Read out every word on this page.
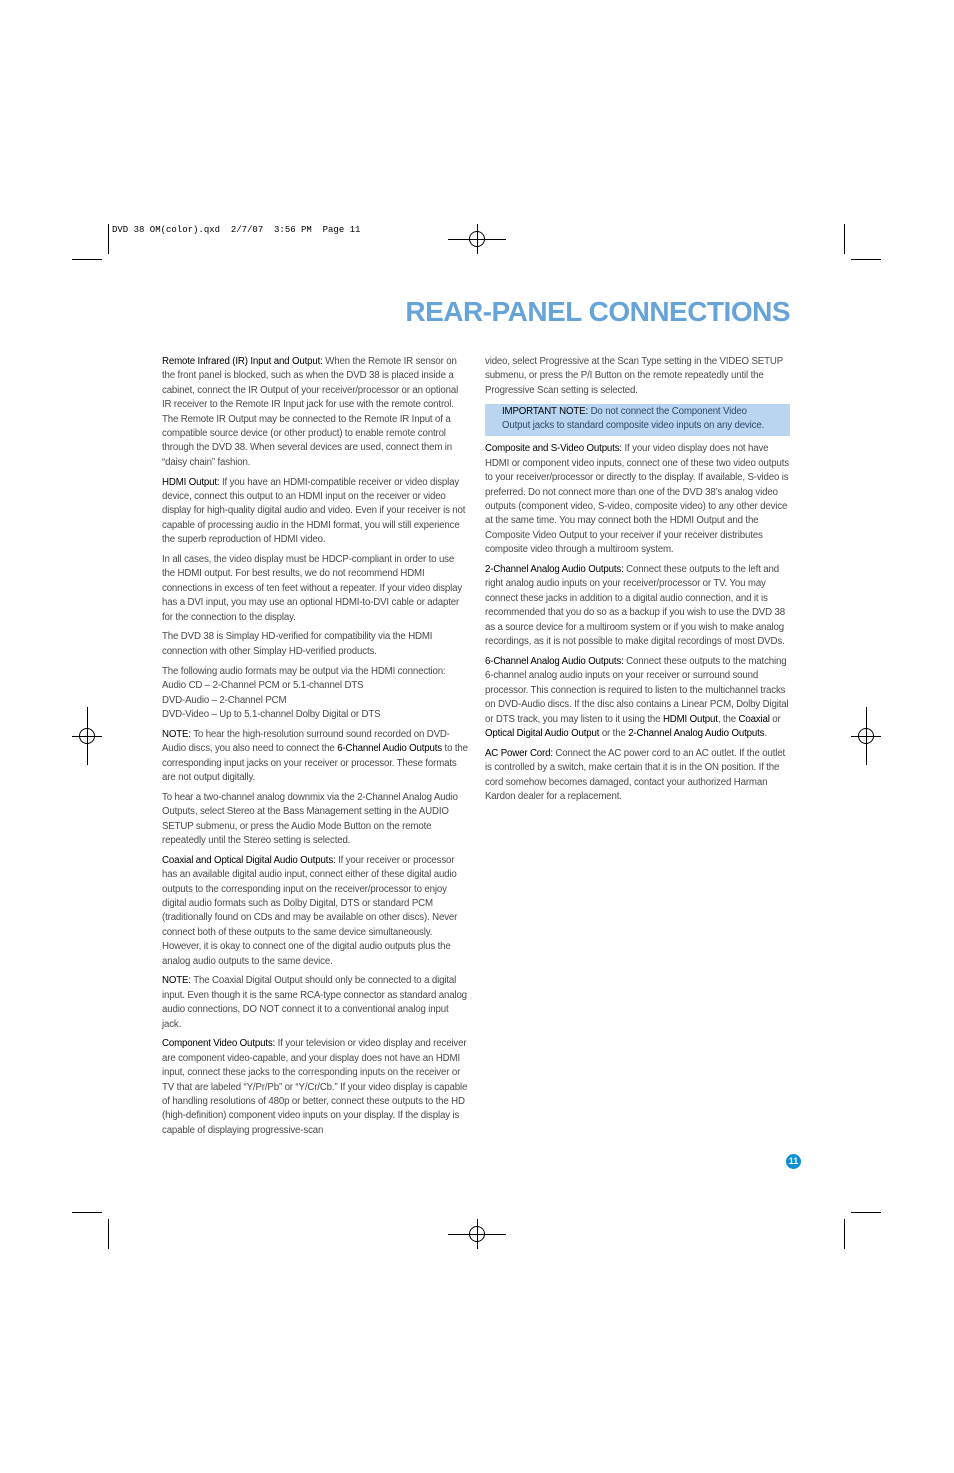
DVD 38 OM(color).qxd  2/7/07  3:56 PM  Page 11
REAR-PANEL CONNECTIONS

Remote Infrared (IR) Input and Output: When the Remote IR sensor on the front panel is blocked, such as when the DVD 38 is placed inside a cabinet, connect the IR Output of your receiver/processor or an optional IR receiver to the Remote IR Input jack for use with the remote control. The Remote IR Output may be connected to the Remote IR Input of a compatible source device (or other product) to enable remote control through the DVD 38. When several devices are used, connect them in “daisy chain” fashion.

HDMI Output: If you have an HDMI-compatible receiver or video display device, connect this output to an HDMI input on the receiver or video display for high-quality digital audio and video. Even if your receiver is not capable of processing audio in the HDMI format, you will still experience the superb reproduction of HDMI video.

In all cases, the video display must be HDCP-compliant in order to use the HDMI output. For best results, we do not recommend HDMI connections in excess of ten feet without a repeater. If your video display has a DVI input, you may use an optional HDMI-to-DVI cable or adapter for the connection to the display.

The DVD 38 is Simplay HD-verified for compatibility via the HDMI connection with other Simplay HD-verified products.

The following audio formats may be output via the HDMI connection:
Audio CD – 2-Channel PCM or 5.1-channel DTS
DVD-Audio – 2-Channel PCM
DVD-Video – Up to 5.1-channel Dolby Digital or DTS

NOTE: To hear the high-resolution surround sound recorded on DVD-Audio discs, you also need to connect the 6-Channel Audio Outputs to the corresponding input jacks on your receiver or processor. These formats are not output digitally.

To hear a two-channel analog downmix via the 2-Channel Analog Audio Outputs, select Stereo at the Bass Management setting in the AUDIO SETUP submenu, or press the Audio Mode Button on the remote repeatedly until the Stereo setting is selected.

Coaxial and Optical Digital Audio Outputs: If your receiver or processor has an available digital audio input, connect either of these digital audio outputs to the corresponding input on the receiver/processor to enjoy digital audio formats such as Dolby Digital, DTS or standard PCM (traditionally found on CDs and may be available on other discs). Never connect both of these outputs to the same device simultaneously. However, it is okay to connect one of the digital audio outputs plus the analog audio outputs to the same device.

NOTE: The Coaxial Digital Output should only be connected to a digital input. Even though it is the same RCA-type connector as standard analog audio connections, DO NOT connect it to a conventional analog input jack.

Component Video Outputs: If your television or video display and receiver are component video-capable, and your display does not have an HDMI input, connect these jacks to the corresponding inputs on the receiver or TV that are labeled “Y/Pr/Pb” or “Y/Cr/Cb.” If your video display is capable of handling resolutions of 480p or better, connect these outputs to the HD (high-definition) component video inputs on your display. If the display is capable of displaying progressive-scan

video, select Progressive at the Scan Type setting in the VIDEO SETUP submenu, or press the P/I Button on the remote repeatedly until the Progressive Scan setting is selected.

IMPORTANT NOTE: Do not connect the Component Video Output jacks to standard composite video inputs on any device.

Composite and S-Video Outputs: If your video display does not have HDMI or component video inputs, connect one of these two video outputs to your receiver/processor or directly to the display. If available, S-video is preferred. Do not connect more than one of the DVD 38’s analog video outputs (component video, S-video, composite video) to any other device at the same time. You may connect both the HDMI Output and the Composite Video Output to your receiver if your receiver distributes composite video through a multiroom system.

2-Channel Analog Audio Outputs: Connect these outputs to the left and right analog audio inputs on your receiver/processor or TV. You may connect these jacks in addition to a digital audio connection, and it is recommended that you do so as a backup if you wish to use the DVD 38 as a source device for a multiroom system or if you wish to make analog recordings, as it is not possible to make digital recordings of most DVDs.

6-Channel Analog Audio Outputs: Connect these outputs to the matching 6-channel analog audio inputs on your receiver or surround sound processor. This connection is required to listen to the multichannel tracks on DVD-Audio discs. If the disc also contains a Linear PCM, Dolby Digital or DTS track, you may listen to it using the HDMI Output, the Coaxial or Optical Digital Audio Output or the 2-Channel Analog Audio Outputs.

AC Power Cord: Connect the AC power cord to an AC outlet. If the outlet is controlled by a switch, make certain that it is in the ON position. If the cord somehow becomes damaged, contact your authorized Harman Kardon dealer for a replacement.

11
